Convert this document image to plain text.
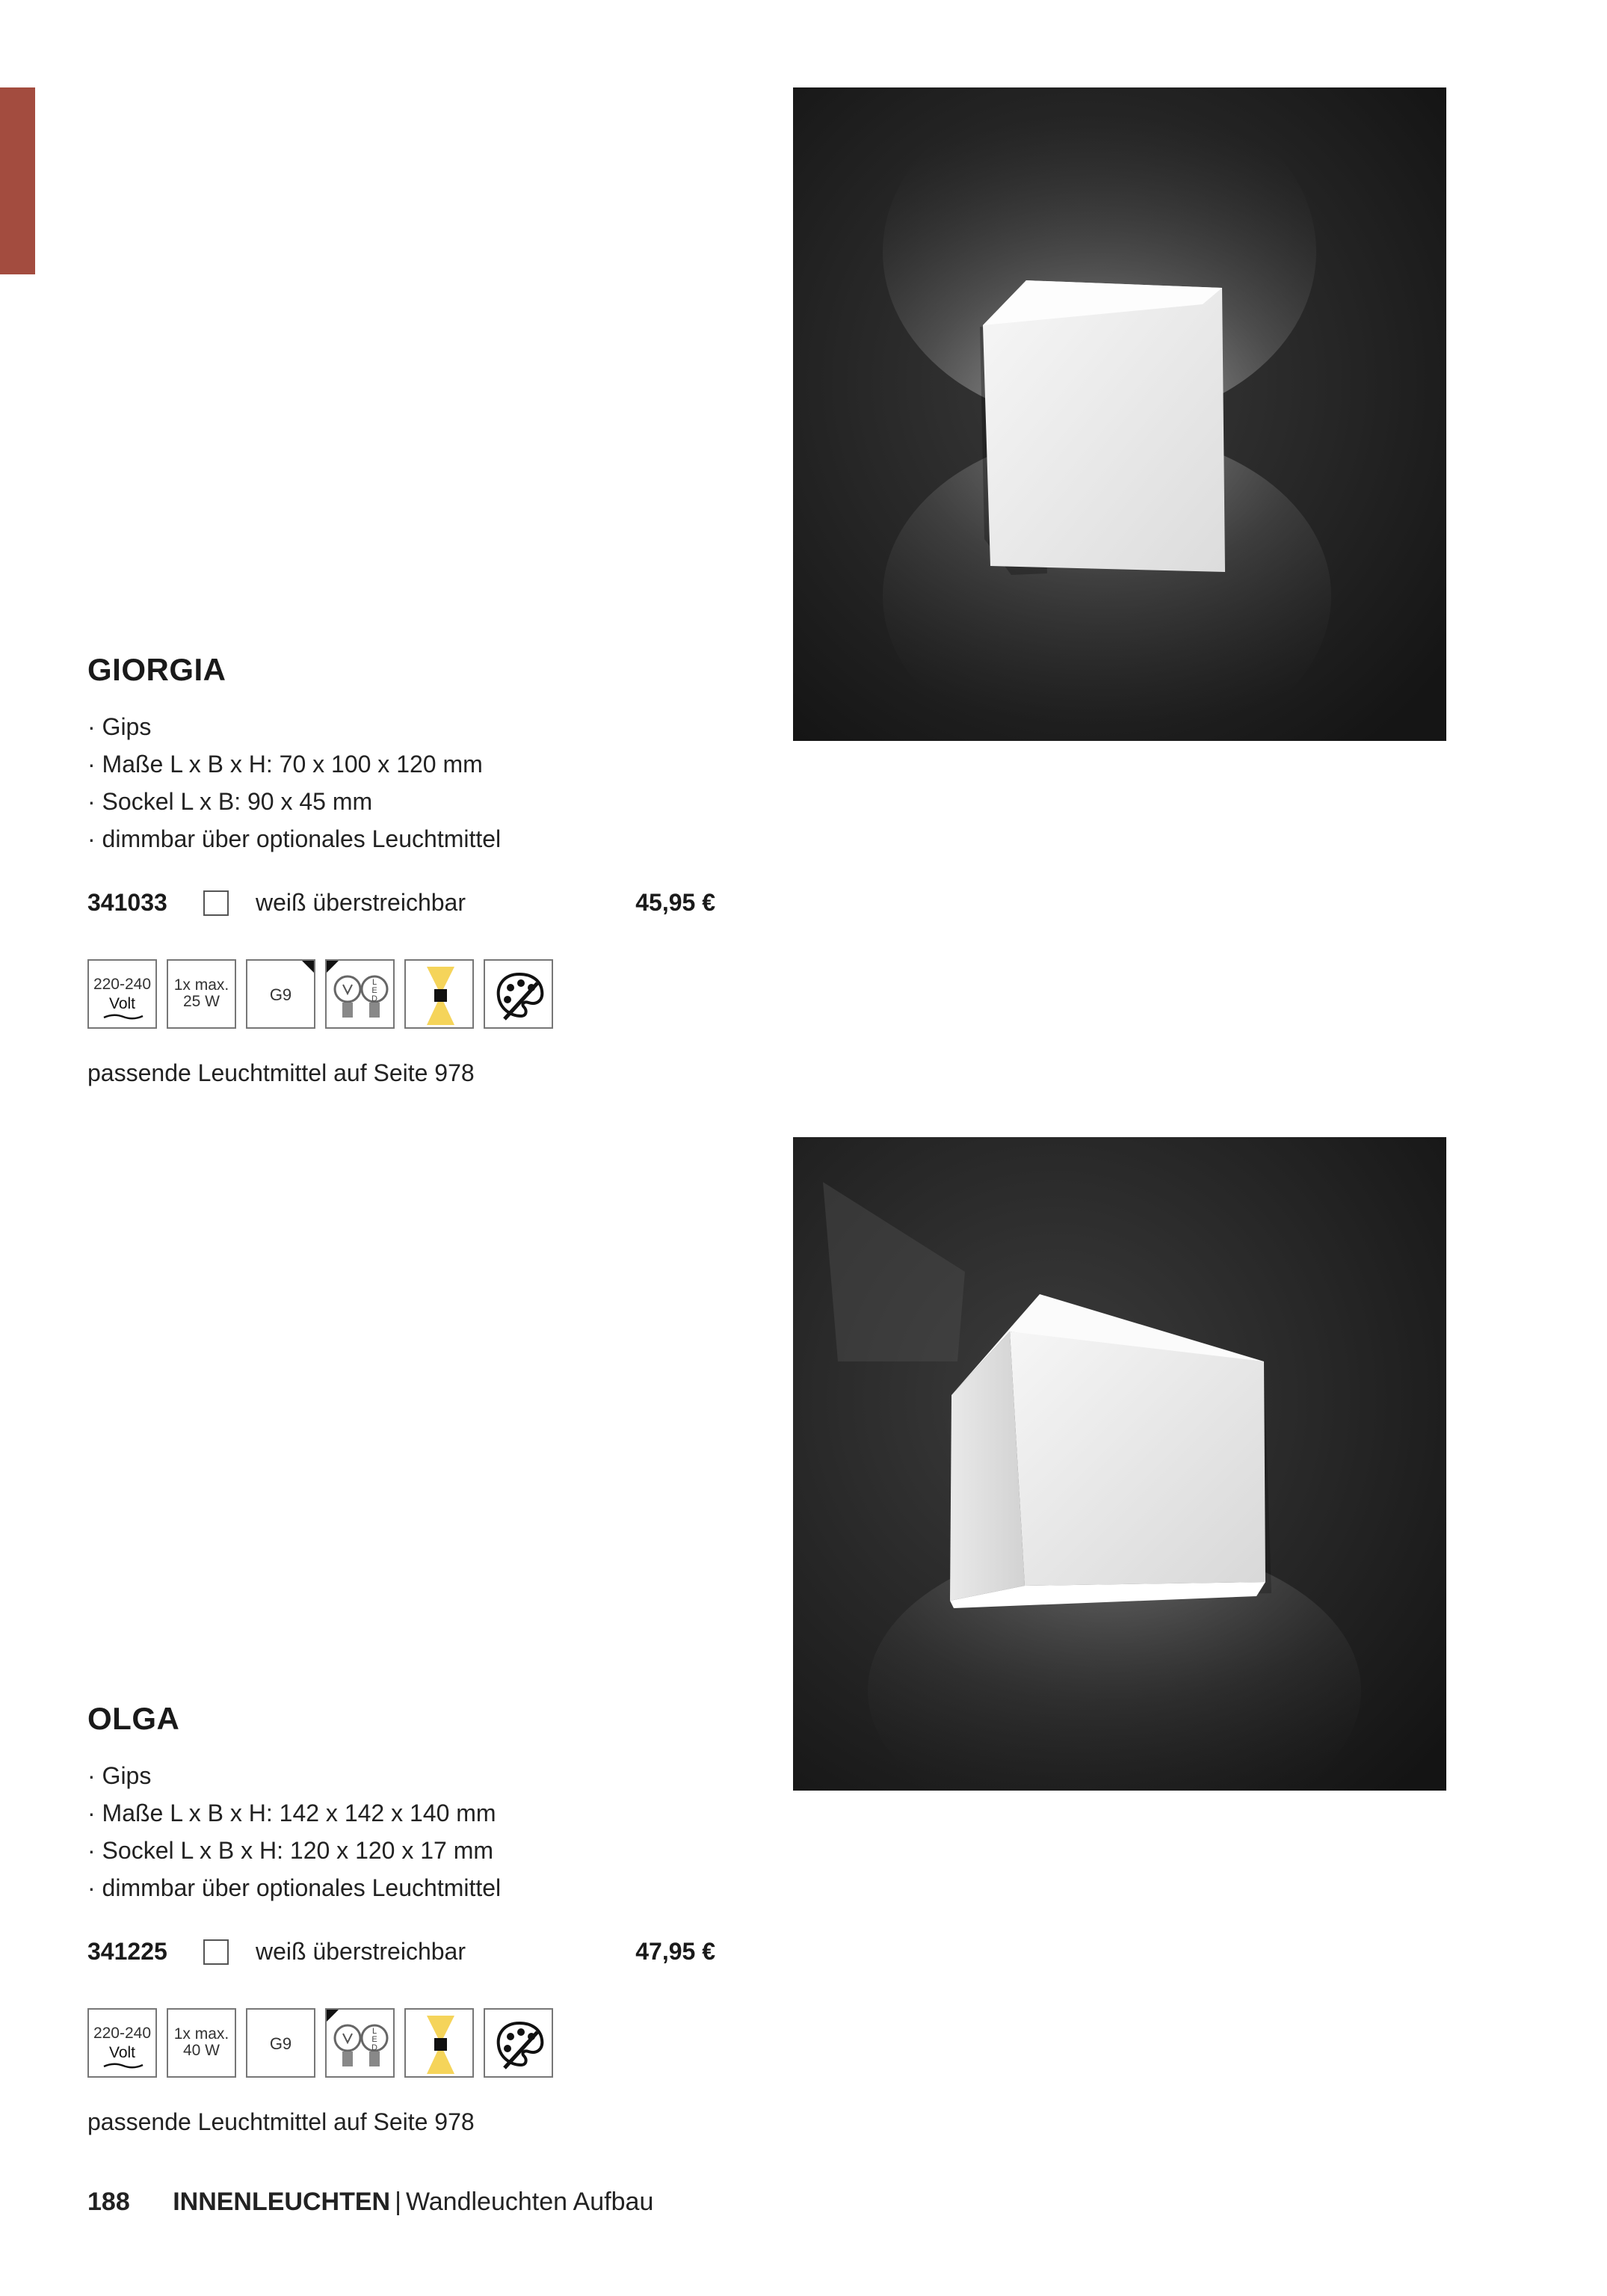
GIORGIA
· Gips
· Maße L x B x H: 70 x 100 x 120 mm
· Sockel L x B: 90 x 45 mm
· dimmbar über optionales Leuchtmittel
341033	weiß überstreichbar	45,95 €
220-240
Volt
1x max.
25 W	G9
L
E
D

passende Leuchtmittel auf Seite 978

OLGA
· Gips
· Maße L x B x H: 142 x 142 x 140 mm
· Sockel L x B x H: 120 x 120 x 17 mm
· dimmbar über optionales Leuchtmittel
341225	weiß überstreichbar	47,95 €
220-240
Volt
1x max.
40 W	G9
L
E
D

passende Leuchtmittel auf Seite 978

188 INNENLEUCHTEN | Wandleuchten Aufbau
